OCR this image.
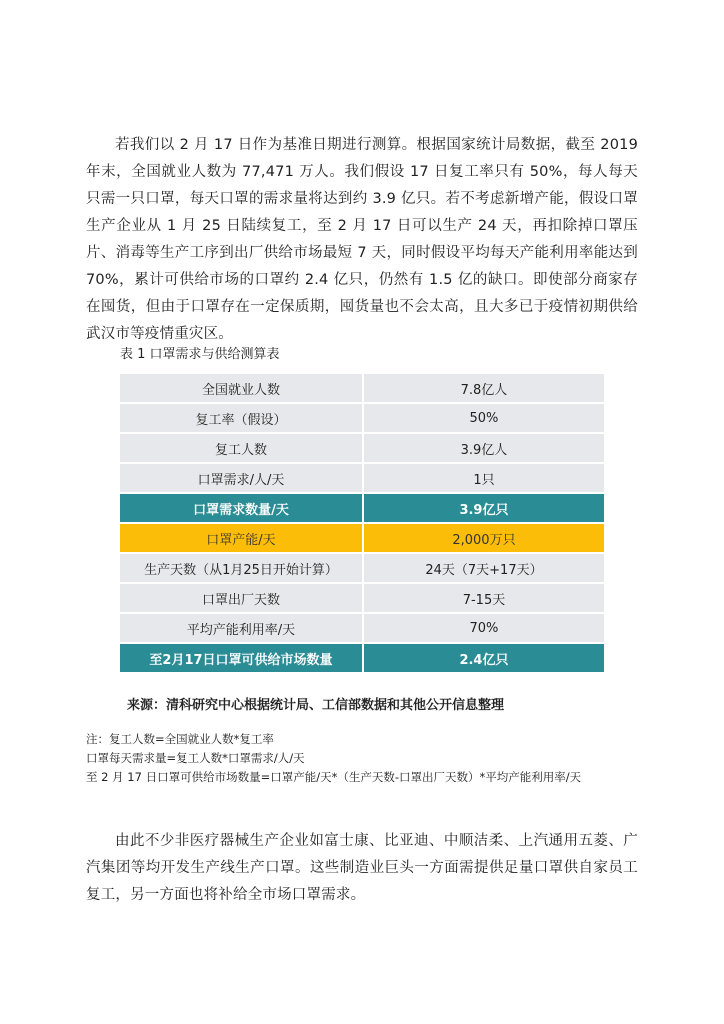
若我们以 2 月 17 日作为基准日期进行测算。根据国家统计局数据，截至 2019 年末，全国就业人数为 77,471 万人。我们假设 17 日复工率只有 50%，每人每天只需一只口罩，每天口罩的需求量将达到约 3.9 亿只。若不考虑新增产能，假设口罩生产企业从 1 月 25 日陆续复工，至 2 月 17 日可以生产 24 天，再扣除掉口罩压片、消毒等生产工序到出厂供给市场最短 7 天，同时假设平均每天产能利用率能达到 70%，累计可供给市场的口罩约 2.4 亿只，仍然有 1.5 亿的缺口。即使部分商家存在囤货，但由于口罩存在一定保质期，囤货量也不会太高，且大多已于疫情初期供给武汉市等疫情重灾区。

表 1 口罩需求与供给测算表
全国就业人数	7.8亿人
复工率（假设）	50%
复工人数	3.9亿人
口罩需求/人/天	1只
口罩需求数量/天	3.9亿只
口罩产能/天	2,000万只
生产天数（从1月25日开始计算）	24天（7天+17天）
口罩出厂天数	7-15天
平均产能利用率/天	70%
至2月17日口罩可供给市场数量	2.4亿只
来源：清科研究中心根据统计局、工信部数据和其他公开信息整理
注：复工人数=全国就业人数*复工率
口罩每天需求量=复工人数*口罩需求/人/天
至 2 月 17 日口罩可供给市场数量=口罩产能/天*（生产天数-口罩出厂天数）*平均产能利用率/天

由此不少非医疗器械生产企业如富士康、比亚迪、中顺洁柔、上汽通用五菱、广汽集团等均开发生产线生产口罩。这些制造业巨头一方面需提供足量口罩供自家员工复工，另一方面也将补给全市场口罩需求。
